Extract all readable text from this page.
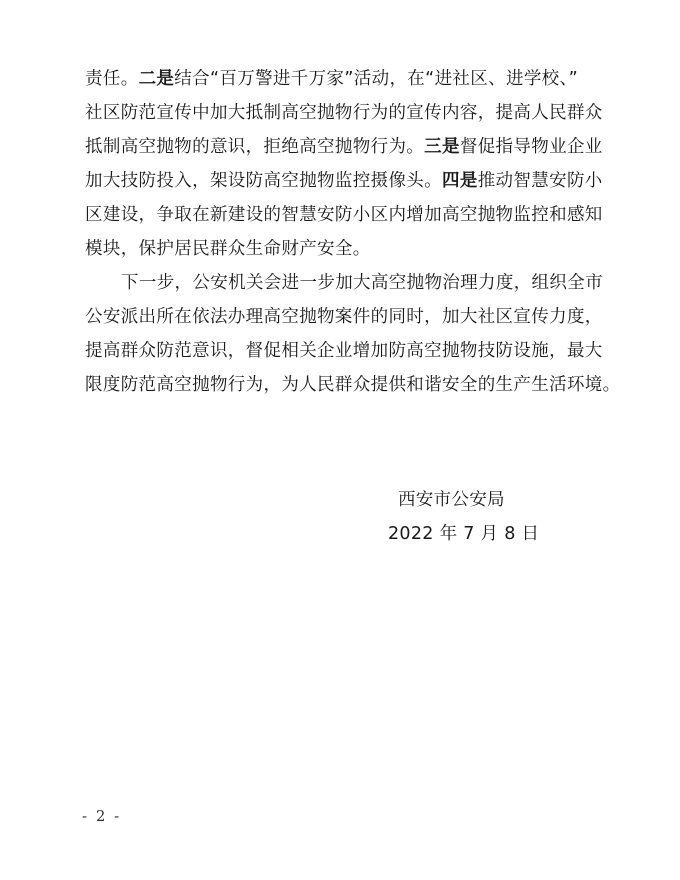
责任。二是结合“百万警进千万家”活动，在“进社区、进学校、”
社区防范宣传中加大抵制高空抛物行为的宣传内容，提高人民群众
抵制高空抛物的意识，拒绝高空抛物行为。三是督促指导物业企业
加大技防投入，架设防高空抛物监控摄像头。四是推动智慧安防小
区建设，争取在新建设的智慧安防小区内增加高空抛物监控和感知
模块，保护居民群众生命财产安全。
下一步，公安机关会进一步加大高空抛物治理力度，组织全市
公安派出所在依法办理高空抛物案件的同时，加大社区宣传力度，
提高群众防范意识，督促相关企业增加防高空抛物技防设施，最大
限度防范高空抛物行为，为人民群众提供和谐安全的生产生活环境。
西安市公安局
2022 年 7 月 8 日
- 2 -
